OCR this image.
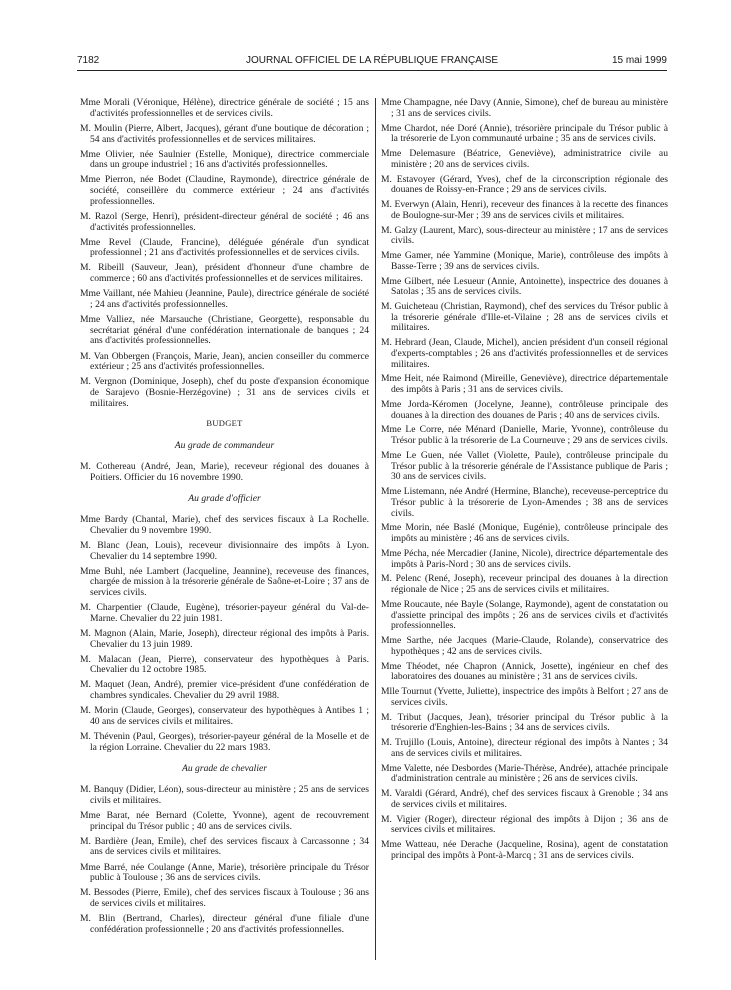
7182	JOURNAL OFFICIEL DE LA RÉPUBLIQUE FRANÇAISE	15 mai 1999

Mme Morali (Véronique, Hélène), directrice générale de société ; 15 ans d'activités professionnelles et de services civils.

M. Moulin (Pierre, Albert, Jacques), gérant d'une boutique de décoration ; 54 ans d'activités professionnelles et de services militaires.

Mme Olivier, née Saulnier (Estelle, Monique), directrice commerciale dans un groupe industriel ; 16 ans d'activités professionnelles.

Mme Pierron, née Bodet (Claudine, Raymonde), directrice générale de société, conseillère du commerce extérieur ; 24 ans d'activités professionnelles.

M. Razol (Serge, Henri), président-directeur général de société ; 46 ans d'activités professionnelles.

Mme Revel (Claude, Francine), déléguée générale d'un syndicat professionnel ; 21 ans d'activités professionnelles et de services civils.

M. Ribeill (Sauveur, Jean), président d'honneur d'une chambre de commerce ; 60 ans d'activités professionnelles et de services militaires.

Mme Vaillant, née Mahieu (Jeannine, Paule), directrice générale de société ; 24 ans d'activités professionnelles.

Mme Valliez, née Marsauche (Christiane, Georgette), responsable du secrétariat général d'une confédération internationale de banques ; 24 ans d'activités professionnelles.

M. Van Obbergen (François, Marie, Jean), ancien conseiller du commerce extérieur ; 25 ans d'activités professionnelles.

M. Vergnon (Dominique, Joseph), chef du poste d'expansion économique de Sarajevo (Bosnie-Herzégovine) ; 31 ans de services civils et militaires.

BUDGET
Au grade de commandeur

M. Cothereau (André, Jean, Marie), receveur régional des douanes à Poitiers. Officier du 16 novembre 1990.

Au grade d'officier

Mme Bardy (Chantal, Marie), chef des services fiscaux à La Rochelle. Chevalier du 9 novembre 1990.

M. Blanc (Jean, Louis), receveur divisionnaire des impôts à Lyon. Chevalier du 14 septembre 1990.

Mme Buhl, née Lambert (Jacqueline, Jeannine), receveuse des finances, chargée de mission à la trésorerie générale de Saône-et-Loire ; 37 ans de services civils.

M. Charpentier (Claude, Eugène), trésorier-payeur général du Val-de-Marne. Chevalier du 22 juin 1981.

M. Magnon (Alain, Marie, Joseph), directeur régional des impôts à Paris. Chevalier du 13 juin 1989.

M. Malacan (Jean, Pierre), conservateur des hypothèques à Paris. Chevalier du 12 octobre 1985.

M. Maquet (Jean, André), premier vice-président d'une confédération de chambres syndicales. Chevalier du 29 avril 1988.

M. Morin (Claude, Georges), conservateur des hypothèques à Antibes 1 ; 40 ans de services civils et militaires.

M. Thévenin (Paul, Georges), trésorier-payeur général de la Moselle et de la région Lorraine. Chevalier du 22 mars 1983.

Au grade de chevalier

M. Banquy (Didier, Léon), sous-directeur au ministère ; 25 ans de services civils et militaires.

Mme Barat, née Bernard (Colette, Yvonne), agent de recouvrement principal du Trésor public ; 40 ans de services civils.

M. Bardière (Jean, Emile), chef des services fiscaux à Carcassonne ; 34 ans de services civils et militaires.

Mme Barré, née Coulange (Anne, Marie), trésorière principale du Trésor public à Toulouse ; 36 ans de services civils.

M. Bessodes (Pierre, Emile), chef des services fiscaux à Toulouse ; 36 ans de services civils et militaires.

M. Blin (Bertrand, Charles), directeur général d'une filiale d'une confédération professionnelle ; 20 ans d'activités professionnelles.

Mme Champagne, née Davy (Annie, Simone), chef de bureau au ministère ; 31 ans de services civils.

Mme Chardot, née Doré (Annie), trésorière principale du Trésor public à la trésorerie de Lyon communauté urbaine ; 35 ans de services civils.

Mme Delemasure (Béatrice, Geneviève), administratrice civile au ministère ; 20 ans de services civils.

M. Estavoyer (Gérard, Yves), chef de la circonscription régionale des douanes de Roissy-en-France ; 29 ans de services civils.

M. Everwyn (Alain, Henri), receveur des finances à la recette des finances de Boulogne-sur-Mer ; 39 ans de services civils et militaires.

M. Galzy (Laurent, Marc), sous-directeur au ministère ; 17 ans de services civils.

Mme Gamer, née Yammine (Monique, Marie), contrôleuse des impôts à Basse-Terre ; 39 ans de services civils.

Mme Gilbert, née Lesueur (Annie, Antoinette), inspectrice des douanes à Satolas ; 35 ans de services civils.

M. Guicheteau (Christian, Raymond), chef des services du Trésor public à la trésorerie générale d'Ille-et-Vilaine ; 28 ans de services civils et militaires.

M. Hebrard (Jean, Claude, Michel), ancien président d'un conseil régional d'experts-comptables ; 26 ans d'activités professionnelles et de services militaires.

Mme Heit, née Raimond (Mireille, Geneviève), directrice départementale des impôts à Paris ; 31 ans de services civils.

Mme Jorda-Kéromen (Jocelyne, Jeanne), contrôleuse principale des douanes à la direction des douanes de Paris ; 40 ans de services civils.

Mme Le Corre, née Ménard (Danielle, Marie, Yvonne), contrôleuse du Trésor public à la trésorerie de La Courneuve ; 29 ans de services civils.

Mme Le Guen, née Vallet (Violette, Paule), contrôleuse principale du Trésor public à la trésorerie générale de l'Assistance publique de Paris ; 30 ans de services civils.

Mme Listemann, née André (Hermine, Blanche), receveuse-perceptrice du Trésor public à la trésorerie de Lyon-Amendes ; 38 ans de services civils.

Mme Morin, née Baslé (Monique, Eugénie), contrôleuse principale des impôts au ministère ; 46 ans de services civils.

Mme Pécha, née Mercadier (Janine, Nicole), directrice départementale des impôts à Paris-Nord ; 30 ans de services civils.

M. Pelenc (René, Joseph), receveur principal des douanes à la direction régionale de Nice ; 25 ans de services civils et militaires.

Mme Roucaute, née Bayle (Solange, Raymonde), agent de constatation ou d'assiette principal des impôts ; 26 ans de services civils et d'activités professionnelles.

Mme Sarthe, née Jacques (Marie-Claude, Rolande), conservatrice des hypothèques ; 42 ans de services civils.

Mme Théodet, née Chapron (Annick, Josette), ingénieur en chef des laboratoires des douanes au ministère ; 31 ans de services civils.

Mlle Tournut (Yvette, Juliette), inspectrice des impôts à Belfort ; 27 ans de services civils.

M. Tribut (Jacques, Jean), trésorier principal du Trésor public à la trésorerie d'Enghien-les-Bains ; 34 ans de services civils.

M. Trujillo (Louis, Antoine), directeur régional des impôts à Nantes ; 34 ans de services civils et militaires.

Mme Valette, née Desbordes (Marie-Thérèse, Andrée), attachée principale d'administration centrale au ministère ; 26 ans de services civils.

M. Varaldi (Gérard, André), chef des services fiscaux à Grenoble ; 34 ans de services civils et militaires.

M. Vigier (Roger), directeur régional des impôts à Dijon ; 36 ans de services civils et militaires.

Mme Watteau, née Derache (Jacqueline, Rosina), agent de constatation principal des impôts à Pont-à-Marcq ; 31 ans de services civils.
